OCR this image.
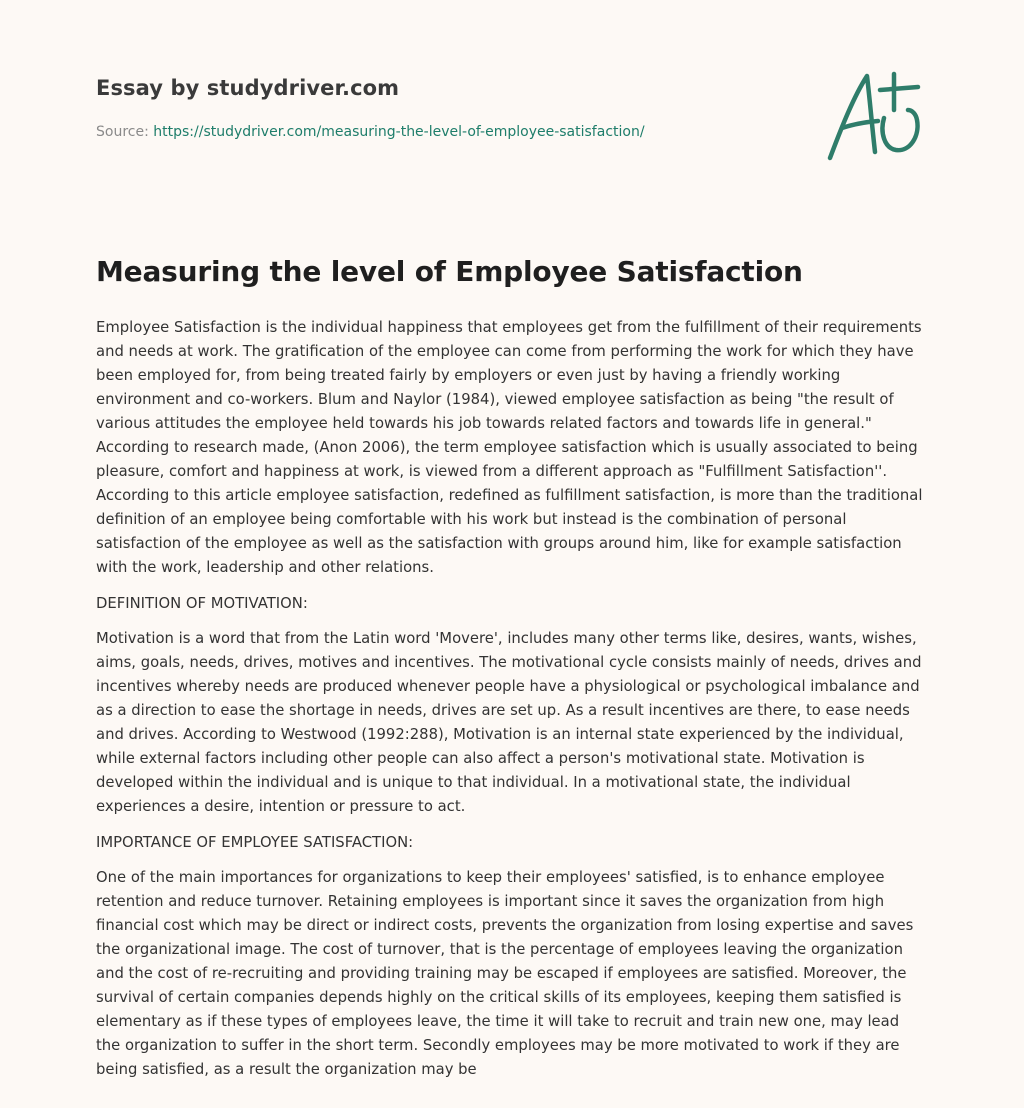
Essay by studydriver.com
Source: https://studydriver.com/measuring-the-level-of-employee-satisfaction/
Measuring the level of Employee Satisfaction

Employee Satisfaction is the individual happiness that employees get from the fulfillment of their requirements and needs at work. The gratification of the employee can come from performing the work for which they have been employed for, from being treated fairly by employers or even just by having a friendly working environment and co-workers. Blum and Naylor (1984), viewed employee satisfaction as being "the result of various attitudes the employee held towards his job towards related factors and towards life in general." According to research made, (Anon 2006), the term employee satisfaction which is usually associated to being pleasure, comfort and happiness at work, is viewed from a different approach as "Fulfillment Satisfaction''. According to this article employee satisfaction, redefined as fulfillment satisfaction, is more than the traditional definition of an employee being comfortable with his work but instead is the combination of personal satisfaction of the employee as well as the satisfaction with groups around him, like for example satisfaction with the work, leadership and other relations.

DEFINITION OF MOTIVATION:

Motivation is a word that from the Latin word 'Movere', includes many other terms like, desires, wants, wishes, aims, goals, needs, drives, motives and incentives. The motivational cycle consists mainly of needs, drives and incentives whereby needs are produced whenever people have a physiological or psychological imbalance and as a direction to ease the shortage in needs, drives are set up. As a result incentives are there, to ease needs and drives. According to Westwood (1992:288), Motivation is an internal state experienced by the individual, while external factors including other people can also affect a person's motivational state. Motivation is developed within the individual and is unique to that individual. In a motivational state, the individual experiences a desire, intention or pressure to act.

IMPORTANCE OF EMPLOYEE SATISFACTION:

One of the main importances for organizations to keep their employees' satisfied, is to enhance employee retention and reduce turnover. Retaining employees is important since it saves the organization from high financial cost which may be direct or indirect costs, prevents the organization from losing expertise and saves the organizational image. The cost of turnover, that is the percentage of employees leaving the organization and the cost of re-recruiting and providing training may be escaped if employees are satisfied. Moreover, the survival of certain companies depends highly on the critical skills of its employees, keeping them satisfied is elementary as if these types of employees leave, the time it will take to recruit and train new one, may lead the organization to suffer in the short term. Secondly employees may be more motivated to work if they are being satisfied, as a result the organization may be
